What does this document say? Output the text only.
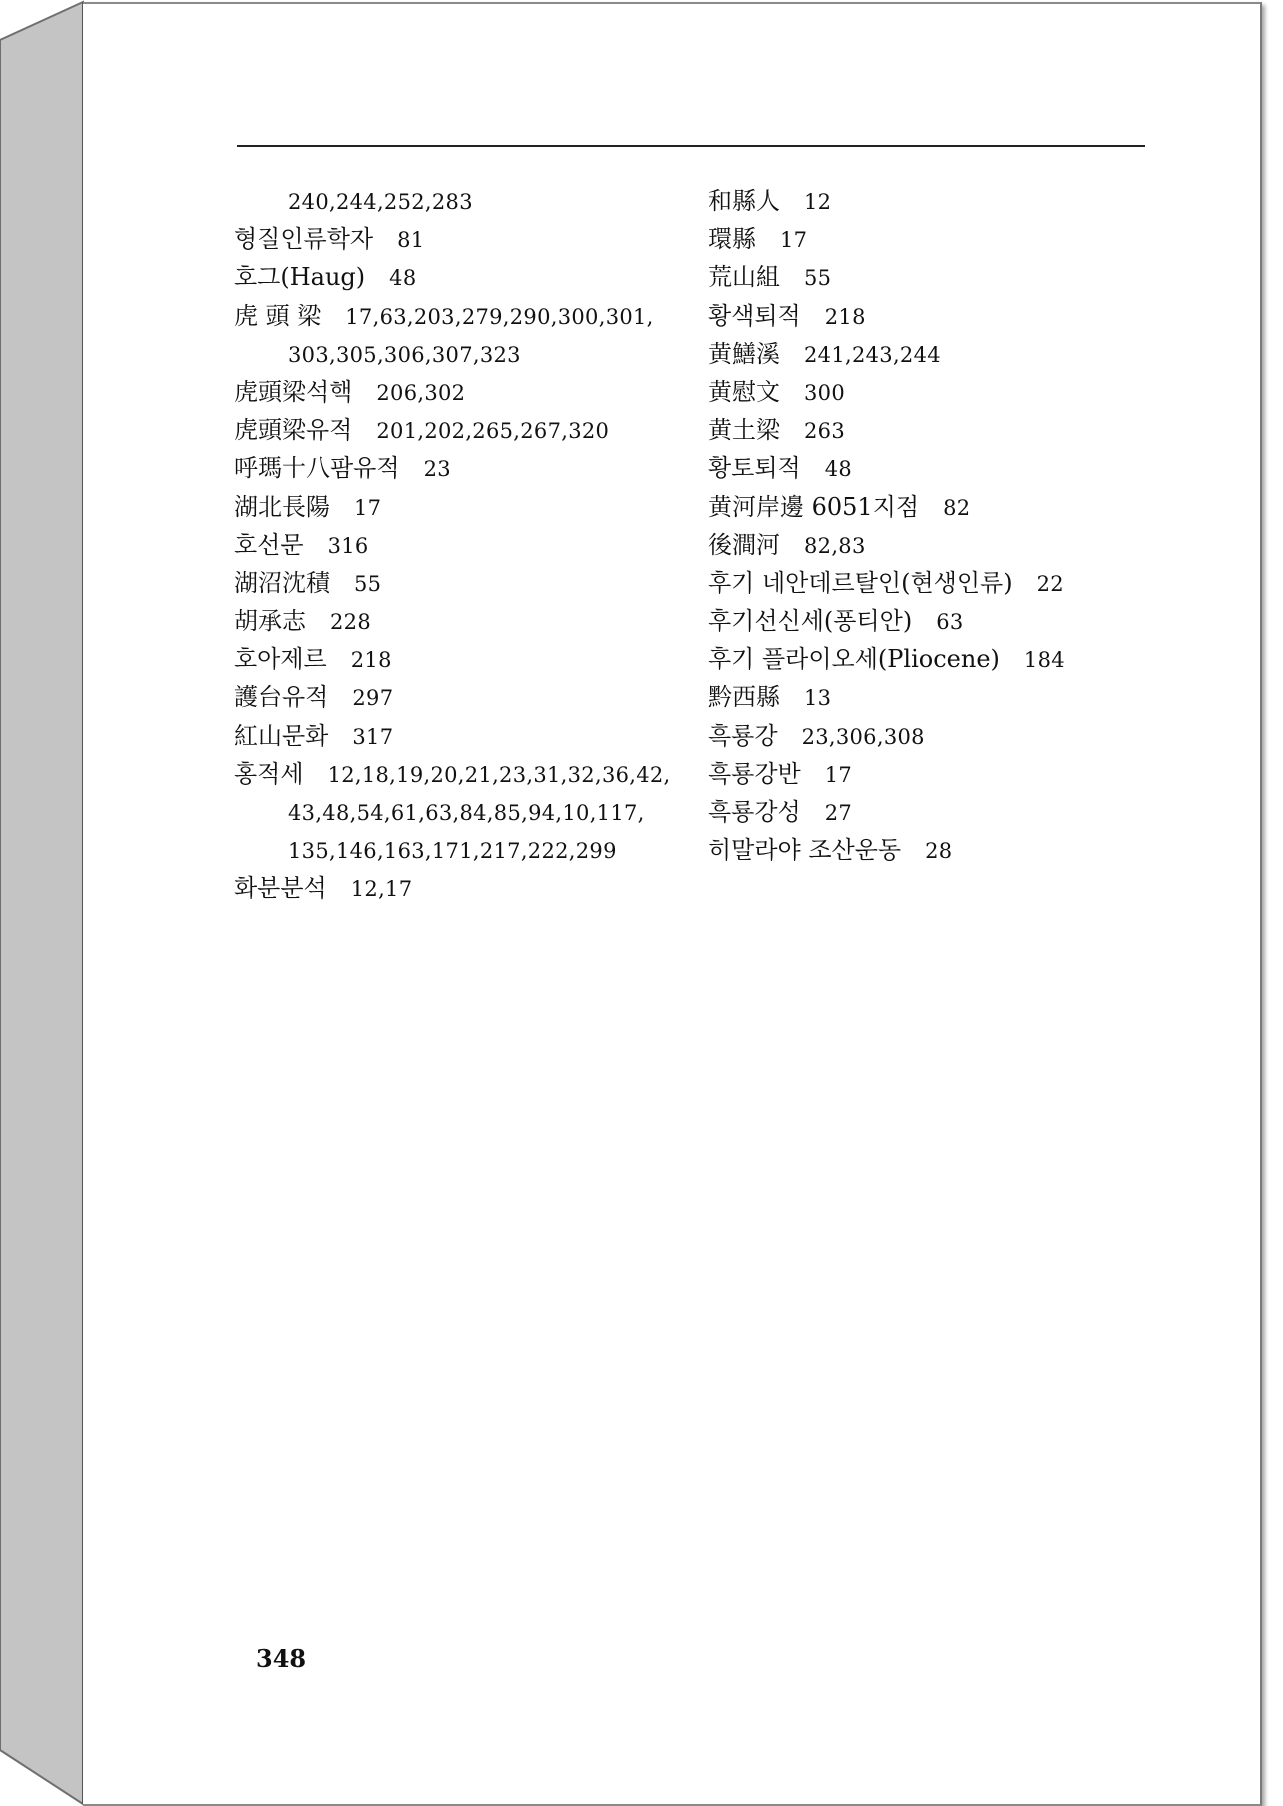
240,244,252,283
형질인류학자 81
호그(Haug) 48
虎 頭 梁 17,63,203,279,290,300,301,
303,305,306,307,323
虎頭梁석핵 206,302
虎頭梁유적 201,202,265,267,320
呼瑪十八팜유적 23
湖北長陽 17
호선문 316
湖沼沈積 55
胡承志 228
호아제르 218
護台유적 297
紅山문화 317
홍적세 12,18,19,20,21,23,31,32,36,42,
43,48,54,61,63,84,85,94,10,117,
135,146,163,171,217,222,299
화분분석 12,17
和縣人 12
環縣 17
荒山組 55
황색퇴적 218
黄鱔溪 241,243,244
黄慰文 300
黄土梁 263
황토퇴적 48
黄河岸邊 6051지점 82
後澗河 82,83
후기 네안데르탈인(현생인류) 22
후기선신세(퐁티안) 63
후기 플라이오세(Pliocene) 184
黔西縣 13
흑룡강 23,306,308
흑룡강반 17
흑룡강성 27
히말라야 조산운동 28
348
